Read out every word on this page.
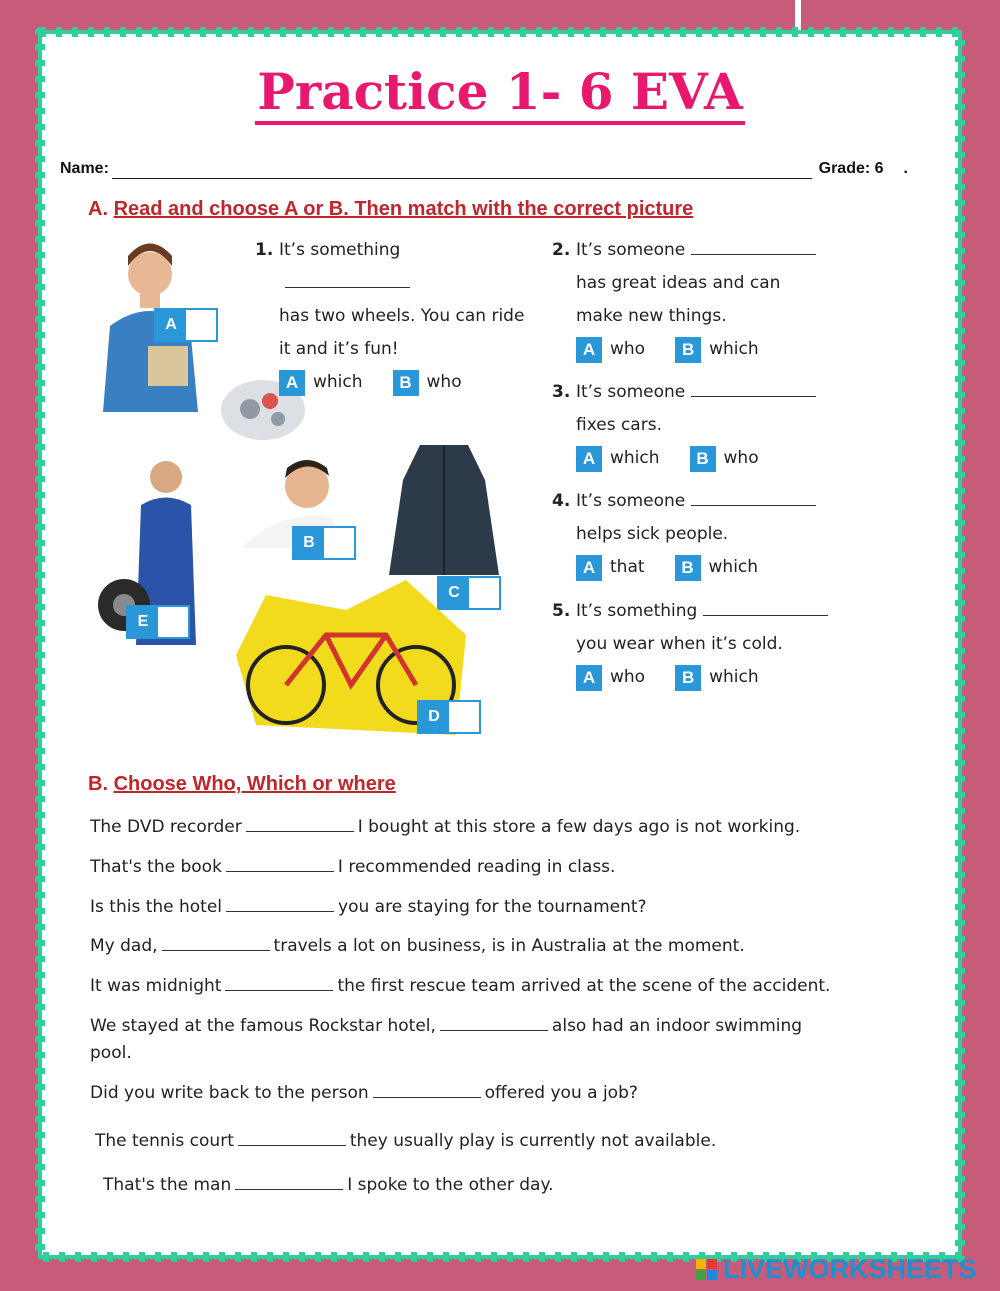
Practice 1- 6 EVA
Name:	Grade: 6 .
A. Read and choose A or B. Then match with the correct picture
A
B
C
E
D
1. It’s something
has two wheels. You can ride
it and it’s fun!
A which	B who
2. It’s someone
has great ideas and can
make new things.
A who	B which
3. It’s someone
fixes cars.
A which	B who
4. It’s someone
helps sick people.
A that	B which
5. It’s something
you wear when it’s cold.
A who	B which
B. Choose Who, Which or where
The DVD recorder	I bought at this store a few days ago is not working.
That's the book	I recommended reading in class.
Is this the hotel	you are staying for the tournament?
My dad,	travels a lot on business, is in Australia at the moment.
It was midnight	the first rescue team arrived at the scene of the accident.
We stayed at the famous Rockstar hotel,	also had an indoor swimming
pool.
Did you write back to the person	offered you a job?
The tennis court	they usually play is currently not available.
That's the man	I spoke to the other day.
LIVEWORKSHEETS
